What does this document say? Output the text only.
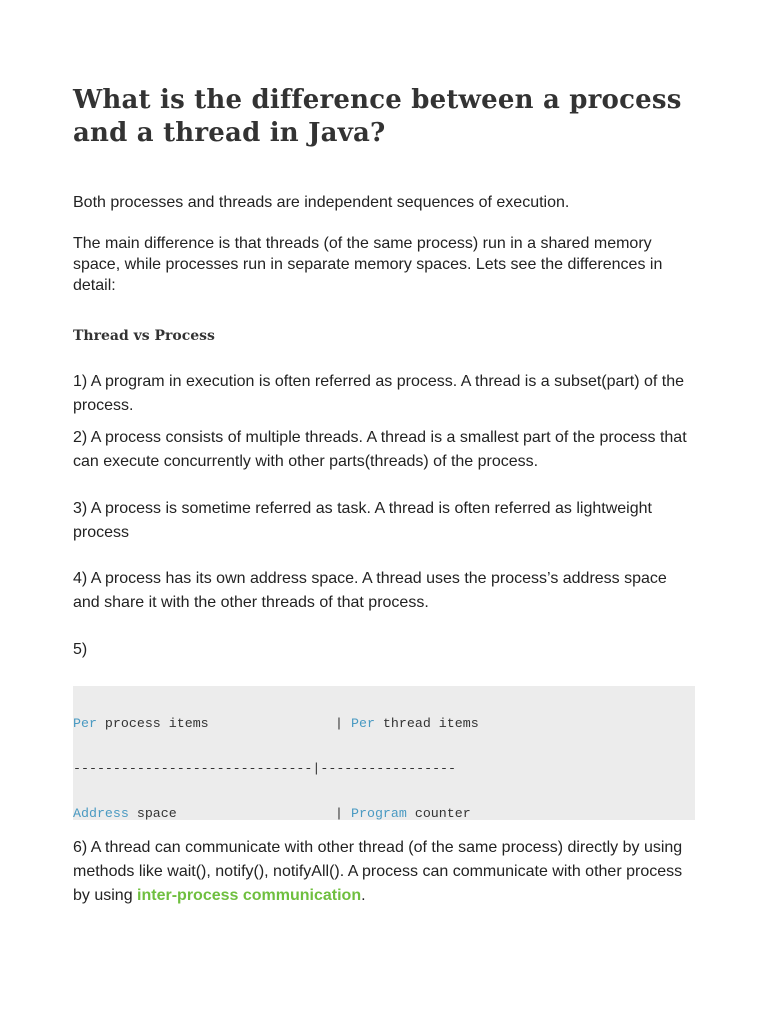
What is the difference between a process and a thread in Java?

Both processes and threads are independent sequences of execution.

The main difference is that threads (of the same process) run in a shared memory space, while processes run in separate memory spaces. Lets see the differences in detail:

Thread vs Process

1) A program in execution is often referred as process. A thread is a subset(part) of the process.

2) A process consists of multiple threads. A thread is a smallest part of the process that can execute concurrently with other parts(threads) of the process.

3) A process is sometime referred as task. A thread is often referred as lightweight process

4) A process has its own address space. A thread uses the process’s address space and share it with the other threads of that process.

5)

Per process items	| Per thread items

------------------------------|-----------------

Address space	| Program counter

6) A thread can communicate with other thread (of the same process) directly by using methods like wait(), notify(), notifyAll(). A process can communicate with other process by using inter-process communication.
